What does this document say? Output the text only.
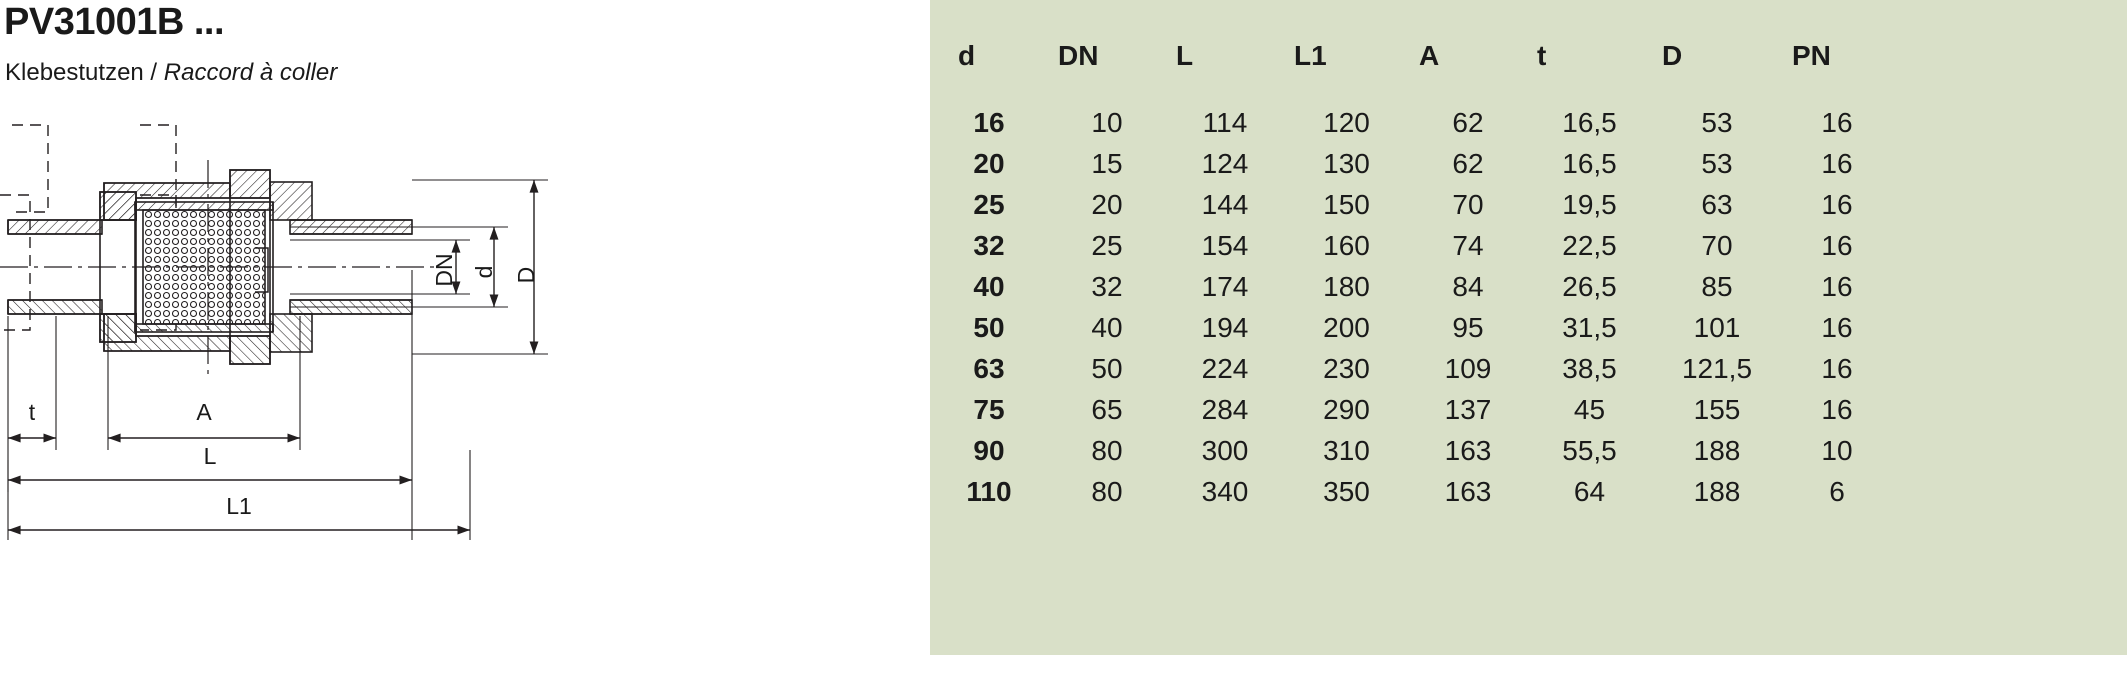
PV31001B ...
Klebestutzen / Raccord à coller
D
d
DN
A
t
L
L1
d	DN	L	L1	A	t	D	PN
16	10	114	120	62	16,5	53	16
20	15	124	130	62	16,5	53	16
25	20	144	150	70	19,5	63	16
32	25	154	160	74	22,5	70	16
40	32	174	180	84	26,5	85	16
50	40	194	200	95	31,5	101	16
63	50	224	230	109	38,5	121,5	16
75	65	284	290	137	45	155	16
90	80	300	310	163	55,5	188	10
110	80	340	350	163	64	188	6
